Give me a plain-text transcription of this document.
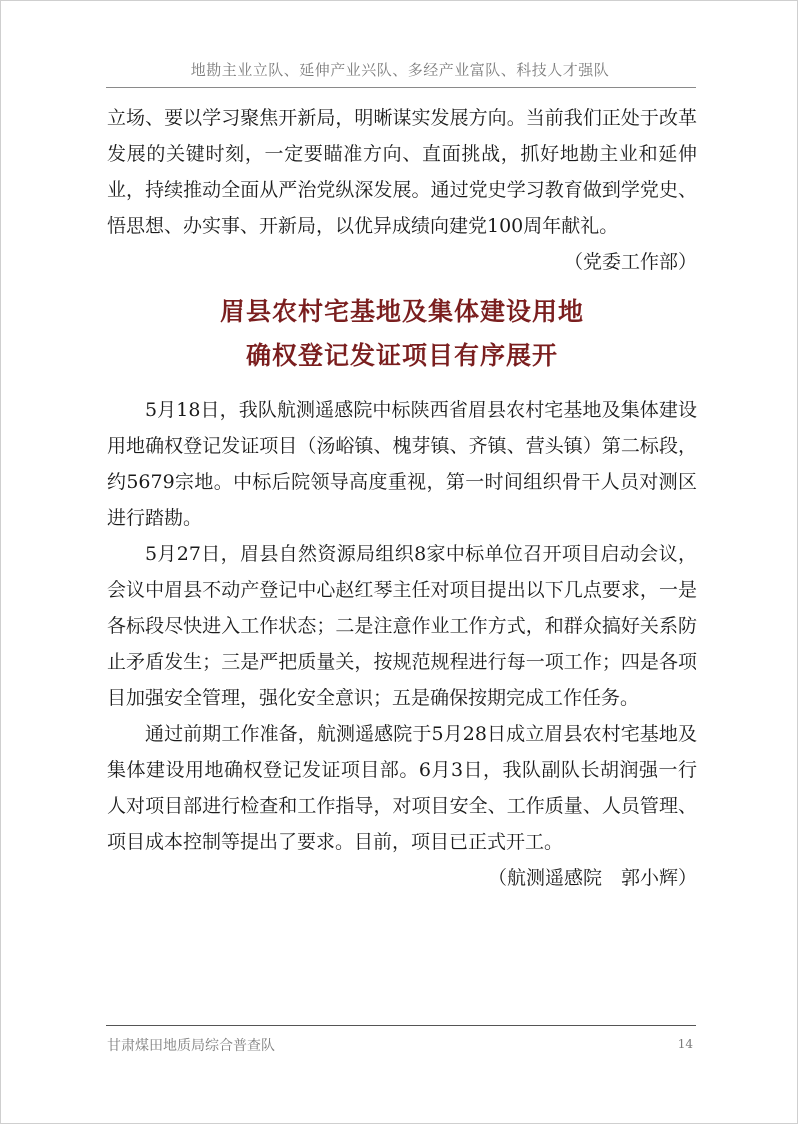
地勘主业立队、延伸产业兴队、多经产业富队、科技人才强队

立场、要以学习聚焦开新局，明晰谋实发展方向。当前我们正处于改革发展的关键时刻，一定要瞄准方向、直面挑战，抓好地勘主业和延伸业，持续推动全面从严治党纵深发展。通过党史学习教育做到学党史、悟思想、办实事、开新局，以优异成绩向建党100周年献礼。

（党委工作部）

眉县农村宅基地及集体建设用地
确权登记发证项目有序展开

5月18日，我队航测遥感院中标陕西省眉县农村宅基地及集体建设用地确权登记发证项目（汤峪镇、槐芽镇、齐镇、营头镇）第二标段，约5679宗地。中标后院领导高度重视，第一时间组织骨干人员对测区进行踏勘。

5月27日，眉县自然资源局组织8家中标单位召开项目启动会议，会议中眉县不动产登记中心赵红琴主任对项目提出以下几点要求，一是各标段尽快进入工作状态；二是注意作业工作方式，和群众搞好关系防止矛盾发生；三是严把质量关，按规范规程进行每一项工作；四是各项目加强安全管理，强化安全意识；五是确保按期完成工作任务。

通过前期工作准备，航测遥感院于5月28日成立眉县农村宅基地及集体建设用地确权登记发证项目部。6月3日，我队副队长胡润强一行人对项目部进行检查和工作指导，对项目安全、工作质量、人员管理、项目成本控制等提出了要求。目前，项目已正式开工。

（航测遥感院　郭小辉）

甘肃煤田地质局综合普查队	14
